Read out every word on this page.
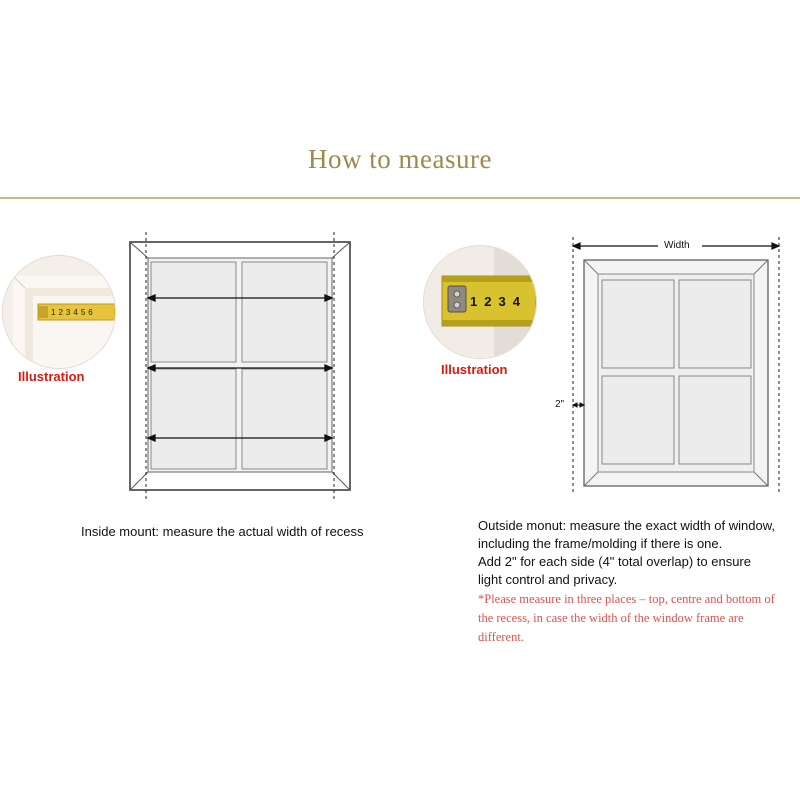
How to measure
1 2 3 4 5 6
Illustration
Inside mount: measure the actual width of recess
1 2 3 4
Illustration
Width
2"
Outside monut: measure the exact width of window,
including the frame/molding if there is one.
Add 2" for each side (4" total overlap) to ensure
light control and privacy.
*Please measure in three places – top, centre and bottom of
the recess, in case the width of the window frame are
different.
